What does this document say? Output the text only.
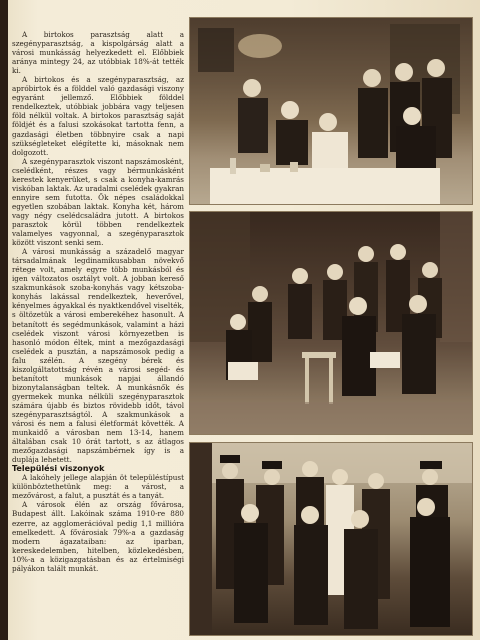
A birtokos parasztság alatt a szegényparasztság, a kispolgárság alatt a városi munkásság helyezkedett el. Előbbiek aránya mintegy 24, az utóbbiak 18%-át tették ki.

A birtokos és a szegényparasztság, az apróbirtok és a földdel való gazdasági viszony egyaránt jellemző. Előbbiek földdel rendelkeztek, utóbbiak jobbára vagy teljesen föld nélkül voltak. A birtokos parasztság saját földjét és a falusi szokásokat tartotta fenn, a gazdasági életben többnyire csak a napi szükségleteket elégítette ki, másoknak nem dolgozott.

A szegényparasztok viszont napszámosként, cselédként, részes vagy bérmunkásként kerestek kenyerüket, s csak a konyha-kamrás viskóban laktak. Az uradalmi cselédek gyakran ennyire sem futotta. Ők népes családokkal egyetlen szobában laktak. Konyha két, három vagy négy cselédcsaládra jutott. A birtokos parasztok körül többen rendelkeztek valamelyes vagyonnal, a szegényparasztok között viszont senki sem.

A városi munkásság a századelő magyar társadalmának legdinamikusabban növekvő rétege volt, amely egyre több munkásból és igen változatos osztályt volt. A jobban kereső szakmunkások szoba-konyhás vagy kétszoba-konyhás lakással rendelkeztek, heverővel, kényelmes ágyakkal és nyaktkendővel viselték, s öltözetük a városi emberekéhez hasonult. A betanított és segédmunkások, valamint a házi cselédek viszont városi környezetben is hasonló módon éltek, mint a mezőgazdasági cselédek a pusztán, a napszámosok pedig a falu szélén. A szegény bérek és kiszolgáltatottság révén a városi segéd- és betanított munkások napjai állandó bizonytalanságban teltek. A munkásnők és gyermekek munka nélküli szegényparasztok számára újabb és biztos rövidebb időt, távol szegényparasztságtól. A szakmunkások a városi és nem a falusi életformát követték. A munkaidő a városban nem 13-14, hanem általában csak 10 órát tartott, s az átlagos mezőgazdasági napszámbérnek így is a duplája lehetett.

Települési viszonyok

A lakóhely jellege alapján öt településtípust különböztethetünk meg: a várost, a mezővárost, a falut, a pusztát és a tanyát.

A városok élén az ország fővárosa, Budapest állt. Lakóinak száma 1910-re 880 ezerre, az agglomerációval pedig 1,1 millióra emelkedett. A fővárosiak 79%-a a gazdaság modern ágazataiban: az iparban, kereskedelemben, hitelben, közlekedésben, 10%-a a közigazgatásban és az értelmiségi pályákon talált munkát.
